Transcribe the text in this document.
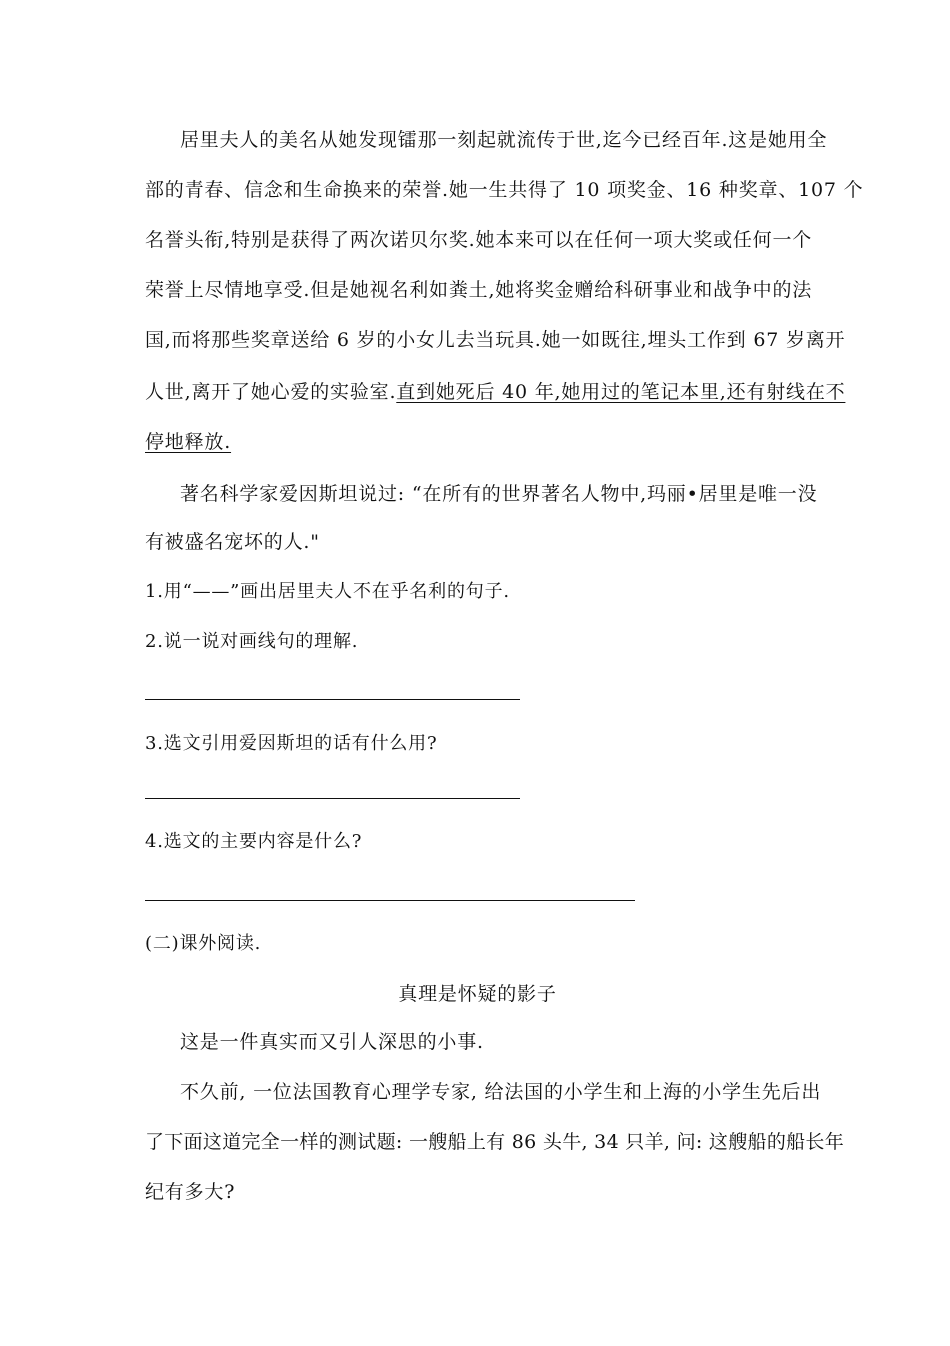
居里夫人的美名从她发现镭那一刻起就流传于世,迄今已经百年.这是她用全
部的青春、信念和生命换来的荣誉.她一生共得了 10 项奖金、16 种奖章、107 个
名誉头衔,特别是获得了两次诺贝尔奖.她本来可以在任何一项大奖或任何一个
荣誉上尽情地享受.但是她视名利如粪土,她将奖金赠给科研事业和战争中的法
国,而将那些奖章送给 6 岁的小女儿去当玩具.她一如既往,埋头工作到 67 岁离开
人世,离开了她心爱的实验室.直到她死后 40 年,她用过的笔记本里,还有射线在不
停地释放.
著名科学家爱因斯坦说过: “在所有的世界著名人物中,玛丽•居里是唯一没
有被盛名宠坏的人."
1.用“——”画出居里夫人不在乎名利的句子.
2.说一说对画线句的理解.
3.选文引用爱因斯坦的话有什么用?
4.选文的主要内容是什么?
(二)课外阅读.
真理是怀疑的影子
这是一件真实而又引人深思的小事.
不久前, 一位法国教育心理学专家, 给法国的小学生和上海的小学生先后出
了下面这道完全一样的测试题: 一艘船上有 86 头牛, 34 只羊, 问: 这艘船的船长年
纪有多大?
